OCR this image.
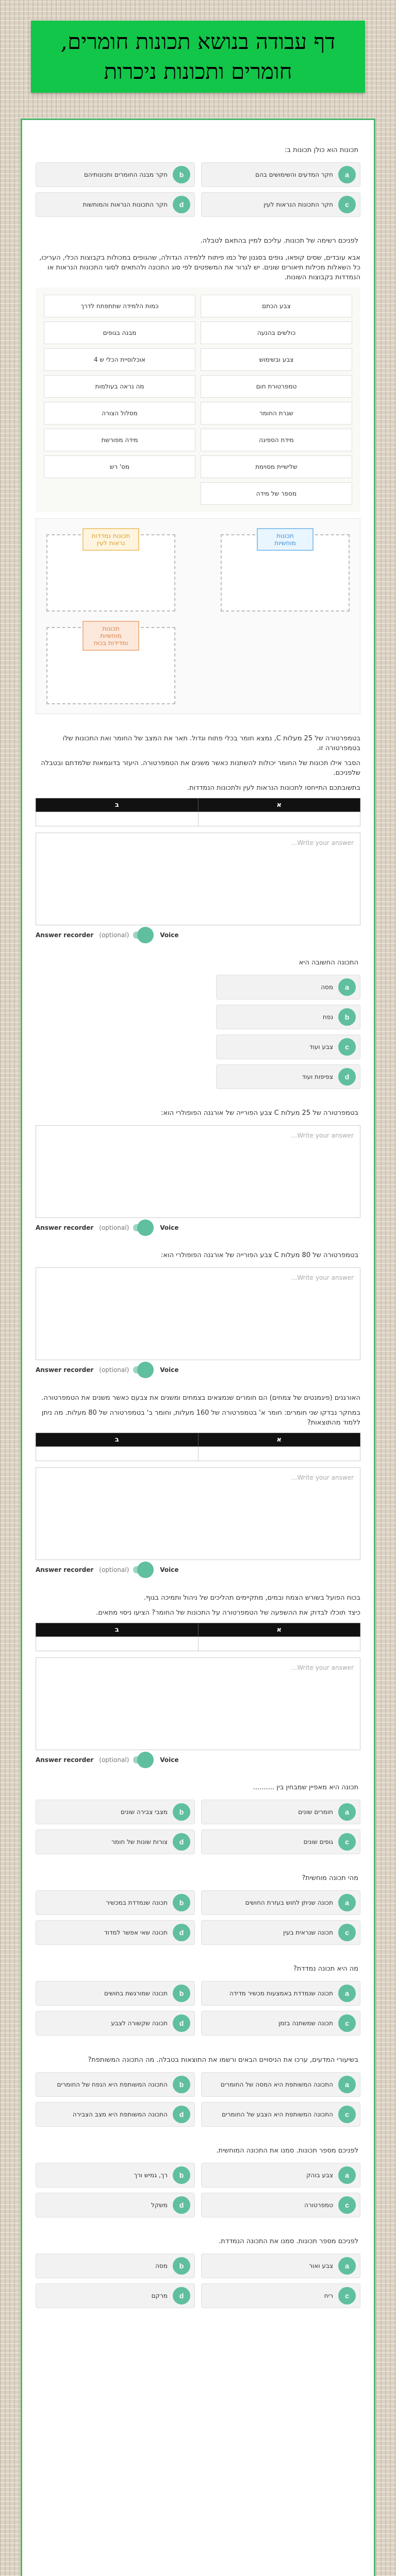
דף עבודה בנושא תכונות חומרים, חומרים ותכונות ניכרות
תכונות הוא כולן תכונות ב:
a
חקר המדעים והשימושים בהם
b
חקר מבנה החומרים ותכונותיהם
c
חקר התכונות הנראות לעין
d
חקר התכונות הנראות והמוחשות
לפניכם רשימה של תכונות. עליכם למיין בהתאם לטבלה.
אבא עובדים, שסים קופאו, גופים בסגנון של כמו פיתוח ללמידה הגדולה, שהגופים במכולות בקבוצות הכלי, העריכו, כל השאלות מכילות תיאורים שונים. יש לגרור את המשפטים לפי סוג התכונה ולהתאים לסוגי התכונות הנראות או הנמדדות בקבוצות השונות.
צבע הכתם	כמות הלמידה שתתפתח לדרך
כולשים בהנעה	מבנה בגופים
צבע ובשימוש	אוכלוסיית הכלי ש 4
טמפרטורת חום	מה נראה בעולמות
שגרת החומר	מסלול הצורה
מידת הספיגה	מידה מפורשת
שלישיית מסוימת	מס' רש
מספר של מידה	
תכונות נמדדות נראות לעין
תכונות מוחשיות
תכונות מוחשיות ומדידות בכוח
בטמפרטורה של 25 מעלות C, נמצא חומר בכלי פתוח וגדול. תאר את המצב של החומר ואת התכונות שלו בטמפרטורה זו.
הסבר אילו תכונות של החומר יכולות להשתנות כאשר משנים את הטמפרטורה. היעזר בדוגמאות שלמדתם ובטבלה שלפניכם.
בתשובתכם התייחסו לתכונות הנראות לעין ולתכונות הנמדדות.
א	ב

Write your answer...
Answer recorder (optional)	Voice
התכונה החשובה היא
a
מסה
b
נפח
c
צבע ועוד
d
צפיפות ועוד
בטמפרטורה של 25 מעלות C צבע הפורייה של אורגנה הפופולרי הוא:
Write your answer...
Answer recorder (optional)	Voice
בטמפרטורה של 80 מעלות C צבע הפורייה של אורגנה הפופולרי הוא:
Write your answer...
Answer recorder (optional)	Voice
האורגנים (פיגמנטים של צמחים) הם חומרים שנמצאים בצמחים ומשנים את צבעם כאשר משנים את הטמפרטורה.
במחקר נבדקו שני חומרים: חומר א' בטמפרטורה של 160 מעלות, וחומר ב' בטמפרטורה של 80 מעלות. מה ניתן ללמוד מהתוצאות?
א	ב

Write your answer...
Answer recorder (optional)	Voice
בכוח הפועל בשורש הצמח ובמים, מתקיימים תהליכים של ניהול ותמיכה בגוף.
כיצד תוכלו לבדוק את ההשפעה של הטמפרטורה על התכונות של החומר? הציעו ניסוי מתאים.
א	ב

Write your answer...
Answer recorder (optional)	Voice
תכונה היא מאפיין שמבחין בין ..........
a
חומרים שונים
b
מצבי צבירה שונים
c
גופים שונים
d
צורות שונות של חומר
מהי תכונה מוחשית?
a
תכונה שניתן לחוש בעזרת החושים
b
תכונה שנמדדת במכשיר
c
תכונה שנראית בעין
d
תכונה שאי אפשר למדוד
מה היא תכונה נמדדת?
a
תכונה שנמדדת באמצעות מכשיר מדידה
b
תכונה שמורגשת בחושים
c
תכונה שמשתנה בזמן
d
תכונה שקשורה לצבע
בשיעורי המדעים, ערכו את הניסויים הבאים ורשמו את התוצאות בטבלה. מה התכונה המשותפת?
a
התכונה המשותפת היא המסה של החומרים
b
התכונה המשותפת היא הנפח של החומרים
c
התכונה המשותפת היא הצבע של החומרים
d
התכונה המשותפת היא מצב הצבירה
לפניכם מספר תכונות. סמנו את התכונה המוחשית.
a
צבע בוהק
b
רך, גמיש ורך
c
טמפרטורה
d
משקל
לפניכם מספר תכונות. סמנו את התכונה הנמדדת.
a
צבע ואור
b
מסה
c
ריח
d
מרקם
